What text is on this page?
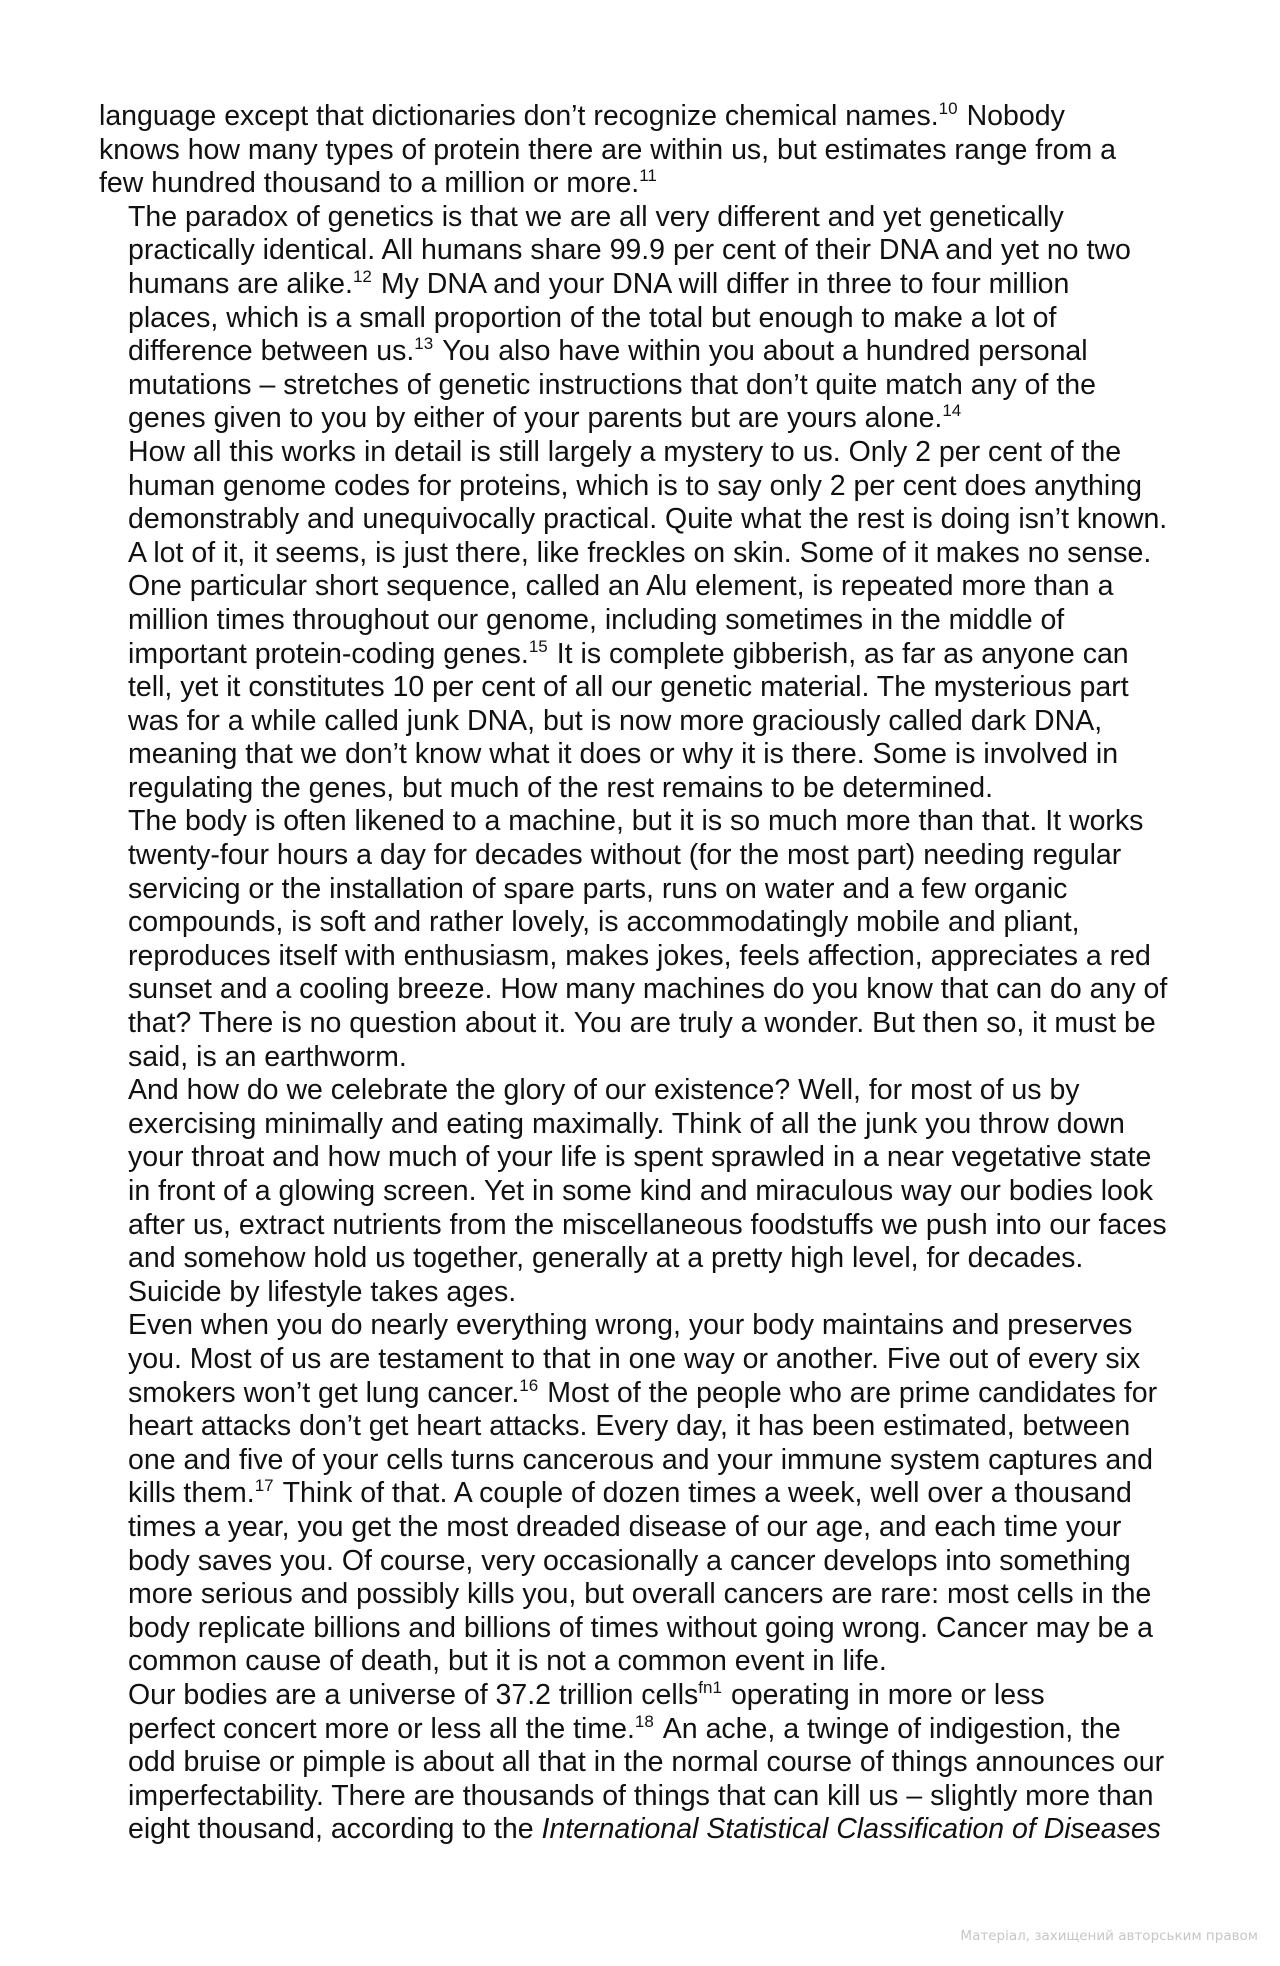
language except that dictionaries don’t recognize chemical names.$^{10}$ Nobody
knows how many types of protein there are within us, but estimates range from a
few hundred thousand to a million or more.$^{11}$

The paradox of genetics is that we are all very different and yet genetically
practically identical. All humans share 99.9 per cent of their DNA and yet no two
humans are alike.$^{12}$ My DNA and your DNA will differ in three to four million
places, which is a small proportion of the total but enough to make a lot of
difference between us.$^{13}$ You also have within you about a hundred personal
mutations – stretches of genetic instructions that don’t quite match any of the
genes given to you by either of your parents but are yours alone.$^{14}$

How all this works in detail is still largely a mystery to us. Only 2 per cent of the
human genome codes for proteins, which is to say only 2 per cent does anything
demonstrably and unequivocally practical. Quite what the rest is doing isn’t known.
A lot of it, it seems, is just there, like freckles on skin. Some of it makes no sense.
One particular short sequence, called an Alu element, is repeated more than a
million times throughout our genome, including sometimes in the middle of
important protein-coding genes.$^{15}$ It is complete gibberish, as far as anyone can
tell, yet it constitutes 10 per cent of all our genetic material. The mysterious part
was for a while called junk DNA, but is now more graciously called dark DNA,
meaning that we don’t know what it does or why it is there. Some is involved in
regulating the genes, but much of the rest remains to be determined.

The body is often likened to a machine, but it is so much more than that. It works
twenty-four hours a day for decades without (for the most part) needing regular
servicing or the installation of spare parts, runs on water and a few organic
compounds, is soft and rather lovely, is accommodatingly mobile and pliant,
reproduces itself with enthusiasm, makes jokes, feels affection, appreciates a red
sunset and a cooling breeze. How many machines do you know that can do any of
that? There is no question about it. You are truly a wonder. But then so, it must be
said, is an earthworm.

And how do we celebrate the glory of our existence? Well, for most of us by
exercising minimally and eating maximally. Think of all the junk you throw down
your throat and how much of your life is spent sprawled in a near vegetative state
in front of a glowing screen. Yet in some kind and miraculous way our bodies look
after us, extract nutrients from the miscellaneous foodstuffs we push into our faces
and somehow hold us together, generally at a pretty high level, for decades.
Suicide by lifestyle takes ages.

Even when you do nearly everything wrong, your body maintains and preserves
you. Most of us are testament to that in one way or another. Five out of every six
smokers won’t get lung cancer.$^{16}$ Most of the people who are prime candidates for
heart attacks don’t get heart attacks. Every day, it has been estimated, between
one and five of your cells turns cancerous and your immune system captures and
kills them.$^{17}$ Think of that. A couple of dozen times a week, well over a thousand
times a year, you get the most dreaded disease of our age, and each time your
body saves you. Of course, very occasionally a cancer develops into something
more serious and possibly kills you, but overall cancers are rare: most cells in the
body replicate billions and billions of times without going wrong. Cancer may be a
common cause of death, but it is not a common event in life.

Our bodies are a universe of 37.2 trillion cells$^{fn1}$ operating in more or less
perfect concert more or less all the time.$^{18}$ An ache, a twinge of indigestion, the
odd bruise or pimple is about all that in the normal course of things announces our
imperfectability. There are thousands of things that can kill us – slightly more than
eight thousand, according to the International Statistical Classification of Diseases

Матеріал, захищений авторським правом
